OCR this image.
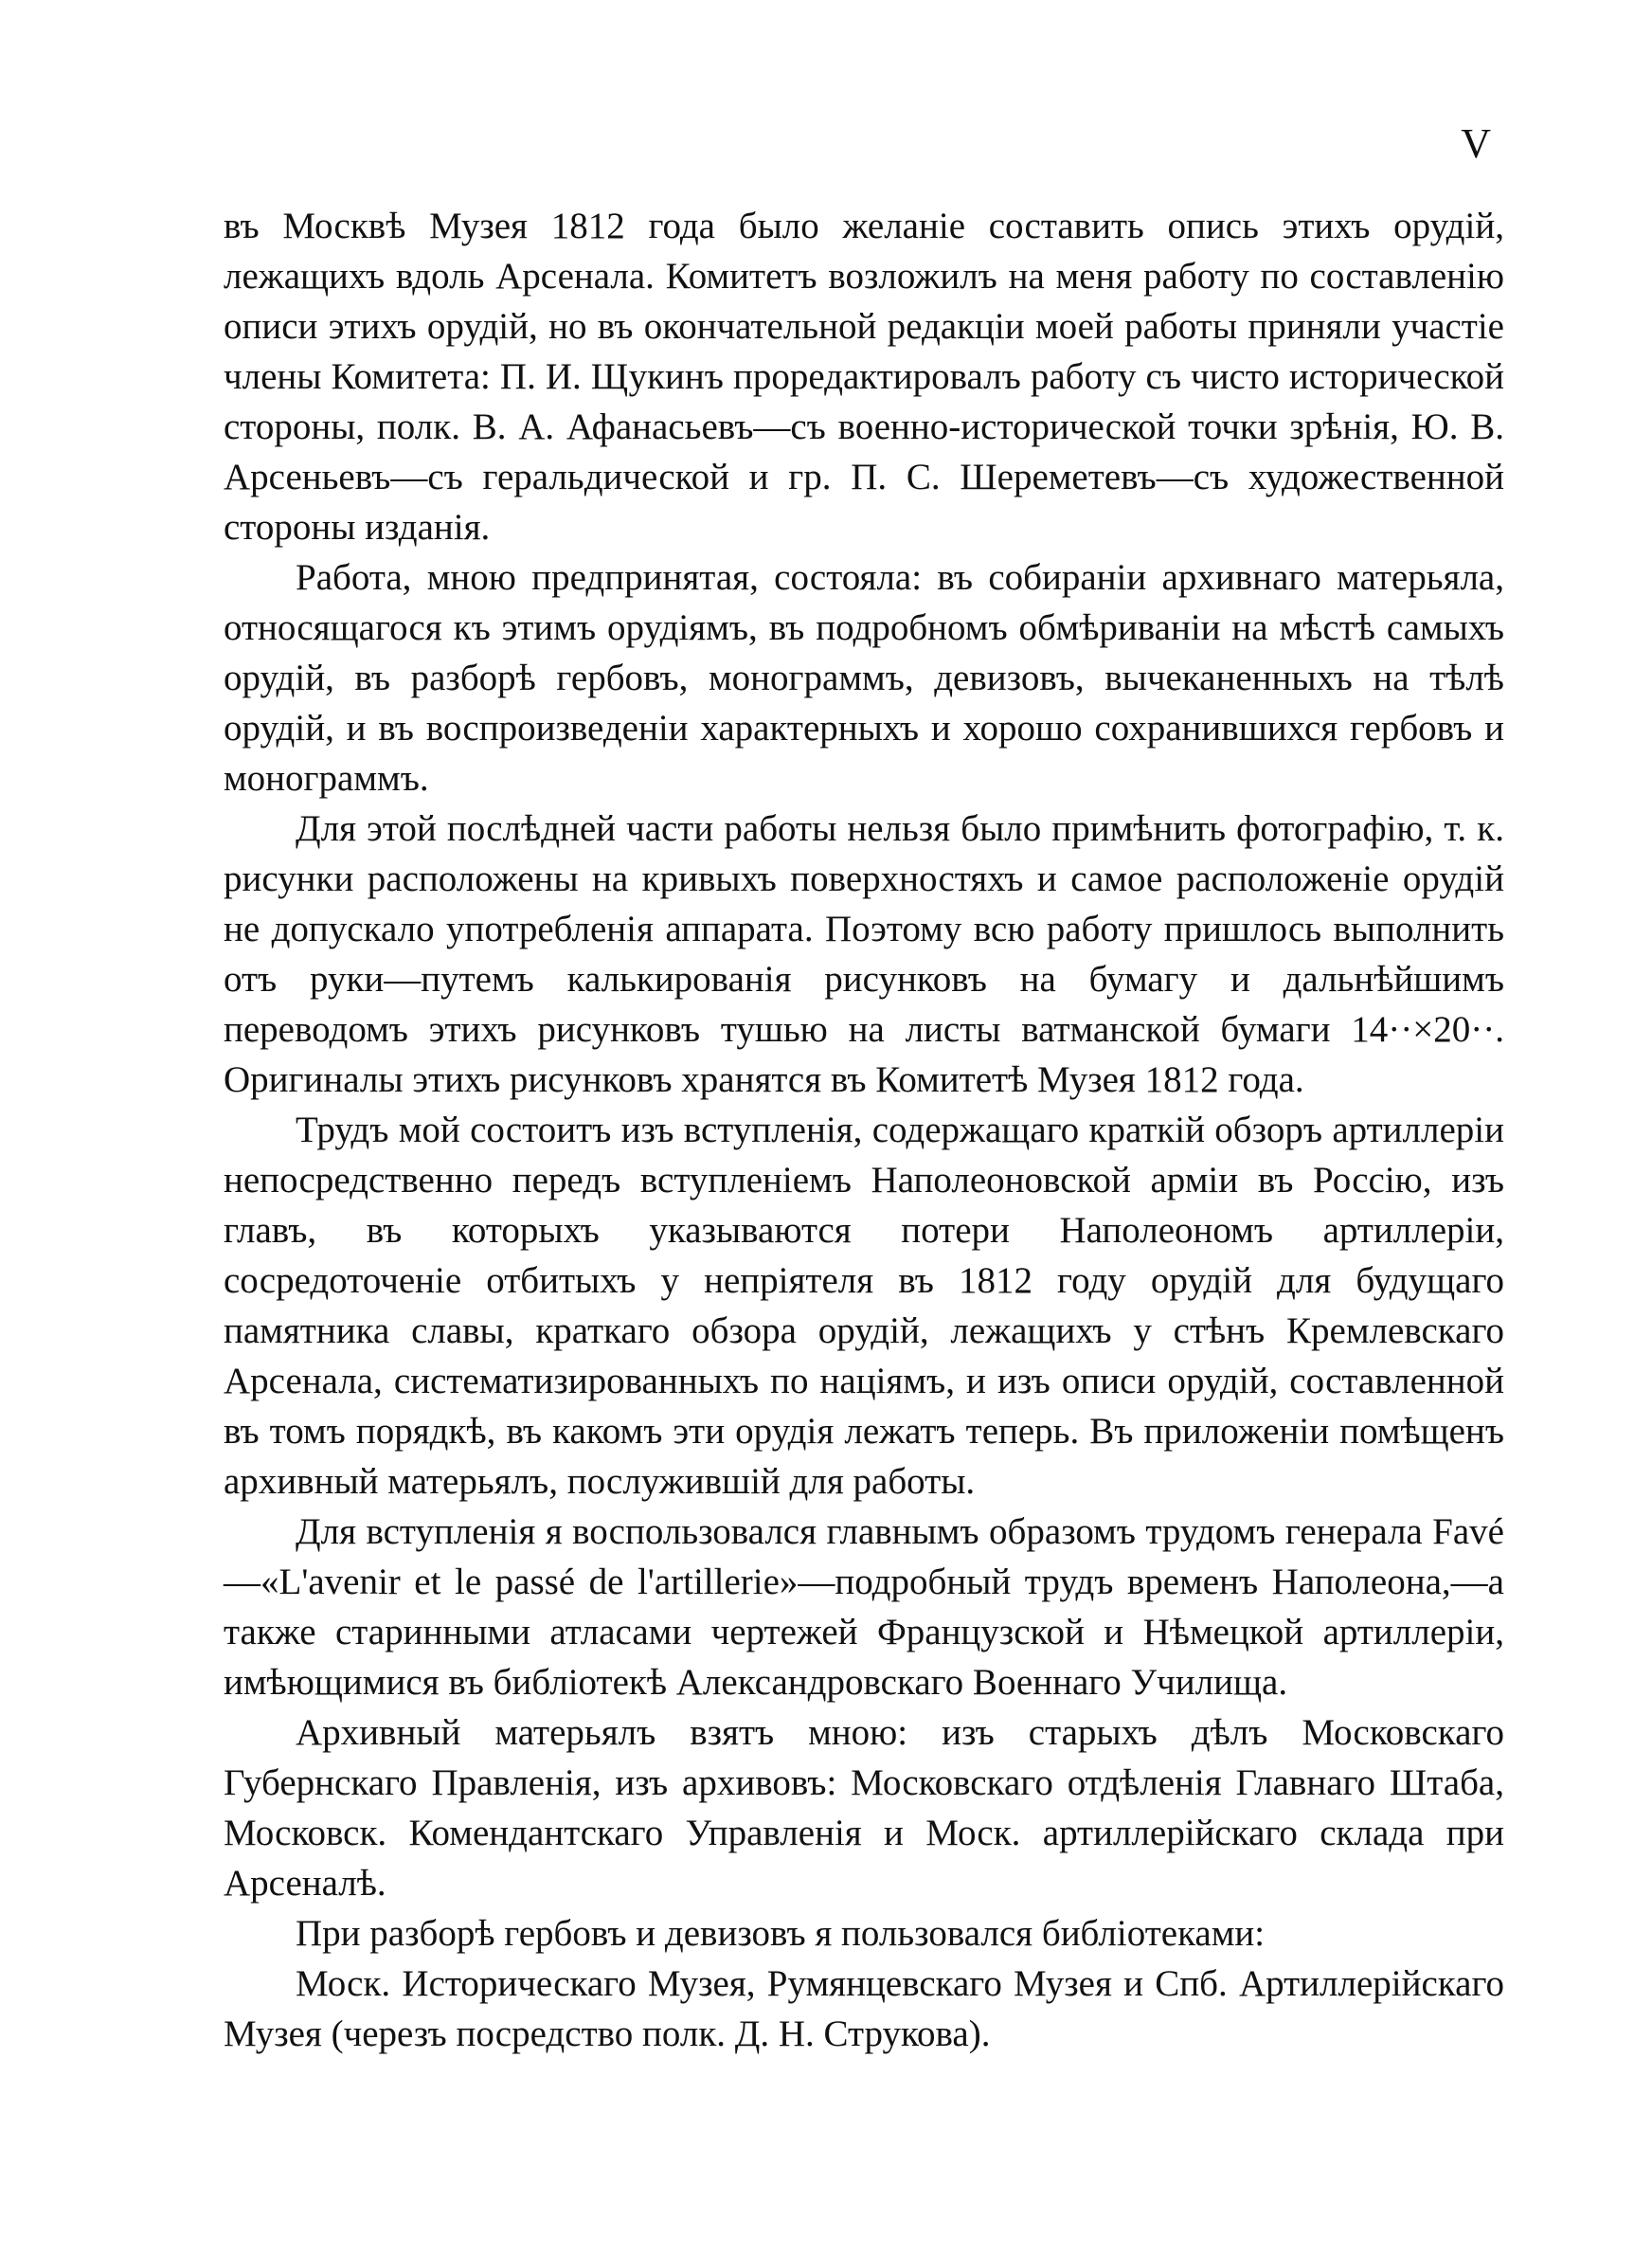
V

въ Москвѣ Музея 1812 года было желанie составить опись этихъ орудiй, лежащихъ вдоль Арсенала. Комитетъ возложилъ на меня работу по составленiю описи этихъ орудiй, но въ окончательной редакцiи моей работы приняли участie члены Комитета: П. И. Щукинъ проредактировалъ работу съ чисто исторической стороны, полк. В. А. Афанасьевъ—съ военно-исторической точки зрѣнiя, Ю. В. Арсеньевъ—съ геральдической и гр. П. С. Шереметевъ—съ художественной стороны изданiя.

Работа, мною предпринятая, состояла: въ собиранiи архивнаго матерьяла, относящагося къ этимъ орудiямъ, въ подробномъ обмѣриванiи на мѣстѣ самыхъ орудiй, въ разборѣ гербовъ, монограммъ, девизовъ, вычеканенныхъ на тѣлѣ орудiй, и въ воспроизведенiи характерныхъ и хорошо сохранившихся гербовъ и монограммъ.

Для этой послѣдней части работы нельзя было примѣнить фотографiю, т. к. рисунки расположены на кривыхъ поверхностяхъ и самое расположенie орудiй не допускало употребленiя аппарата. Поэтому всю работу пришлось выполнить отъ руки—путемъ калькированiя рисунковъ на бумагу и дальнѣйшимъ переводомъ этихъ рисунковъ тушью на листы ватманской бумаги 14··×20··. Оригиналы этихъ рисунковъ хранятся въ Комитетѣ Музея 1812 года.

Трудъ мой состоитъ изъ вступленiя, содержащаго краткiй обзоръ артиллерiи непосредственно передъ вступленiемъ Наполеоновской армiи въ Россiю, изъ главъ, въ которыхъ указываются потери Наполеономъ артиллерiи, сосредоточенie отбитыхъ у непрiятеля въ 1812 году орудiй для будущаго памятника славы, краткаго обзора орудiй, лежащихъ у стѣнъ Кремлевскаго Арсенала, систематизированныхъ по нацiямъ, и изъ описи орудiй, составленной въ томъ порядкѣ, въ какомъ эти орудiя лежатъ теперь. Въ приложенiи помѣщенъ архивный матерьялъ, послужившiй для работы.

Для вступленiя я воспользовался главнымъ образомъ трудомъ генерала Favé—«L'avenir et le passé de l'artillerie»—подробный трудъ временъ Наполеона,—а также старинными атласами чертежей Французской и Нѣмецкой артиллерiи, имѣющимися въ библiотекѣ Александровскаго Военнаго Училища.

Архивный матерьялъ взятъ мною: изъ старыхъ дѣлъ Московскаго Губернскаго Правленiя, изъ архивовъ: Московскаго отдѣленiя Главнаго Штаба, Московск. Комендантскаго Управленiя и Моск. артиллерiйскаго склада при Арсеналѣ.

При разборѣ гербовъ и девизовъ я пользовался библiотеками:

Моск. Историческаго Музея, Румянцевскаго Музея и Спб. Артиллерiйскаго Музея (черезъ посредство полк. Д. Н. Струкова).
